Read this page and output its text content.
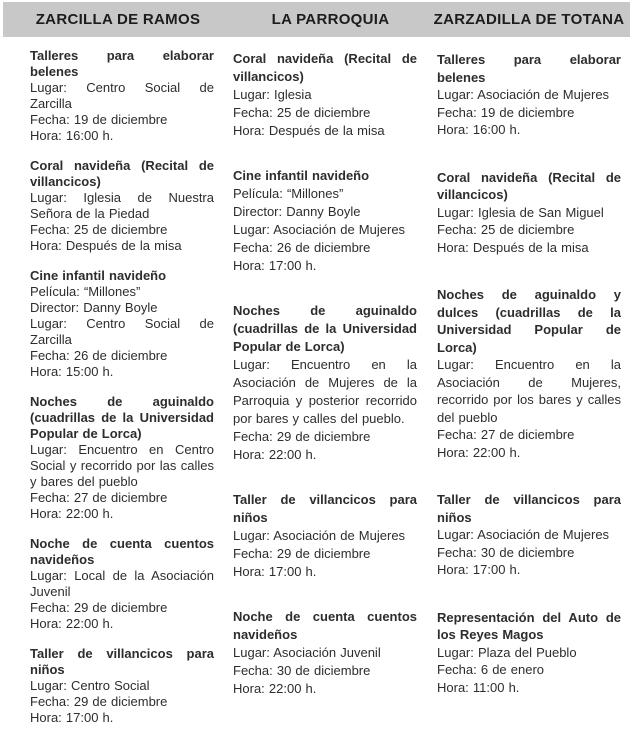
ZARCILLA DE RAMOS	LA PARROQUIA	ZARZADILLA DE TOTANA

Talleres para elaborar belenes

Lugar: Centro Social de Zarcilla

Fecha: 19 de diciembre

Hora: 16:00 h.

Coral navideña (Recital de villancicos)

Lugar: Iglesia de Nuestra Señora de la Piedad

Fecha: 25 de diciembre

Hora: Después de la misa

Cine infantil navideño

Película: “Millones”

Director: Danny Boyle

Lugar: Centro Social de Zarcilla

Fecha: 26 de diciembre

Hora: 15:00 h.

Noches de aguinaldo (cuadrillas de la Universidad Popular de Lorca)

Lugar: Encuentro en Centro Social y recorrido por las calles y bares del pueblo

Fecha: 27 de diciembre

Hora: 22:00 h.

Noche de cuenta cuentos navideños

Lugar: Local de la Asociación Juvenil

Fecha: 29 de diciembre

Hora: 22:00 h.

Taller de villancicos para niños

Lugar: Centro Social

Fecha: 29 de diciembre

Hora: 17:00 h.

Coral navideña (Recital de villancicos)

Lugar: Iglesia

Fecha: 25 de diciembre

Hora: Después de la misa

Cine infantil navideño

Película: “Millones”

Director: Danny Boyle

Lugar: Asociación de Mujeres

Fecha: 26 de diciembre

Hora: 17:00 h.

Noches de aguinaldo (cuadrillas de la Universidad Popular de Lorca)

Lugar: Encuentro en la Asociación de Mujeres de la Parroquia y posterior recorrido por bares y calles del pueblo.

Fecha: 29 de diciembre

Hora: 22:00 h.

Taller de villancicos para niños

Lugar: Asociación de Mujeres

Fecha: 29 de diciembre

Hora: 17:00 h.

Noche de cuenta cuentos navideños

Lugar: Asociación Juvenil

Fecha: 30 de diciembre

Hora: 22:00 h.

Talleres para elaborar belenes

Lugar: Asociación de Mujeres

Fecha: 19 de diciembre

Hora: 16:00 h.

Coral navideña (Recital de villancicos)

Lugar: Iglesia de San Miguel

Fecha: 25 de diciembre

Hora: Después de la misa

Noches de aguinaldo y dulces (cuadrillas de la Universidad Popular de Lorca)

Lugar: Encuentro en la Asociación de Mujeres, recorrido por los bares y calles del pueblo

Fecha: 27 de diciembre

Hora: 22:00 h.

Taller de villancicos para niños

Lugar: Asociación de Mujeres

Fecha: 30 de diciembre

Hora: 17:00 h.

Representación del Auto de los Reyes Magos

Lugar: Plaza del Pueblo

Fecha: 6 de enero

Hora: 11:00 h.
